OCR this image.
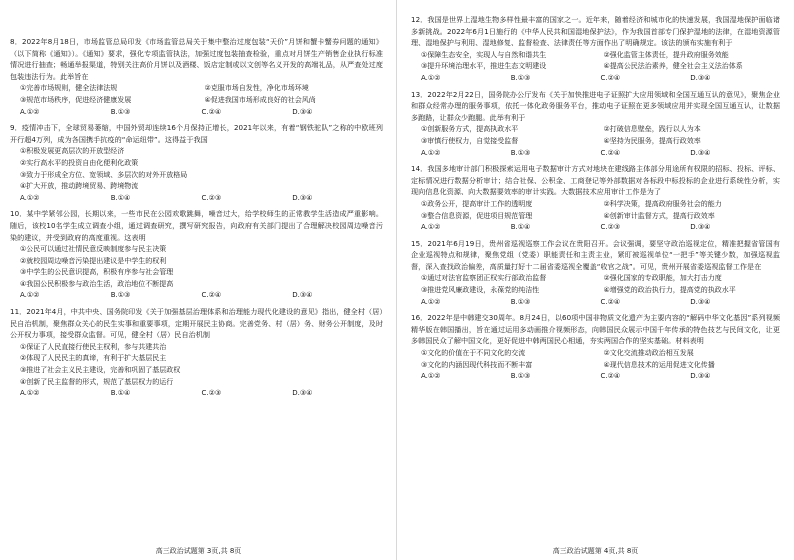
8．2022年8月18日，市场监管总局印发《市场监管总局关于集中整治过度包装“天价”月饼和蟹卡蟹券问题的通知》（以下简称《通知》）。《通知》要求，强化专项监管执法，加强过度包装抽查检验，重点对月饼生产销售企业执行标准情况进行抽查；畅通举报渠道，特别关注高价月饼以及酒楼、饭店定制或以文创等名义开发的高端礼品，从严查处过度包装违法行为。此举旨在

①完善市场规则，健全法律法规	②克服市场自发性，净化市场环境
③规范市场秩序，促进经济健康发展	④促进我国市场形成良好的社会风尚
A.①②	B.①③	C.②④	D.③④

9．疫情冲击下，全球贸易萎缩，中国外贸却连续16个月保持正增长，2021年以来，有着“钢铁驼队”之称的中欧班列开行超4万列，成为各国携手抗疫的“命运纽带”。这得益于我国

①积极发展更高层次的开放型经济
②实行高水平的投资自由化便利化政策
③致力于形成全方位、宽领域、多层次的对外开放格局
④扩大开放，推动跨境贸易、跨境物流
A.①②	B.①④	C.②③	D.③④

10．某中学紧邻公园，长期以来，一些市民在公园欢歌跳舞，噪音过大，给学校师生的正常教学生活造成严重影响。随后，该校10名学生成立调查小组，通过调查研究，撰写研究报告，向政府有关部门提出了合理解决校园周边噪音污染的建议，并受到政府的高度重视。这表明

①公民可以通过社情民意反映制度参与民主决策
②就校园周边噪音污染提出建议是中学生的权利
③中学生的公民意识提高，积极有序参与社会管理
④我国公民积极参与政治生活，政治地位不断提高
A.①②	B.①③	C.②④	D.③④

11．2021年4月，中共中央、国务院印发《关于加强基层治理体系和治理能力现代化建设的意见》指出，健全村（居）民自治机制，聚焦群众关心的民生实事和重要事项，定期开展民主协商。完善党务、村（居）务、财务公开制度，及时公开权力事项，接受群众监督。可见，健全村（居）民自治机制

①保证了人民直接行使民主权利，参与共建共治
②体现了人民民主的真谛，有利于扩大基层民主
③推进了社会主义民主建设，完善和巩固了基层政权
④创新了民主监督的形式，规范了基层权力的运行
A.①②	B.①④	C.②③	D.③④
高三政治试题第 3页,共 8页

12．我国是世界上湿地生物多样性最丰富的国家之一。近年来，随着经济和城市化的快速发展，我国湿地保护面临诸多新挑战。2022年6月1日施行的《中华人民共和国湿地保护法》，作为我国首部专门保护湿地的法律，在湿地资源管理、湿地保护与利用、湿地修复、监督检查、法律责任等方面作出了明确规定。该法的颁布实施有利于

①保障生态安全，实现人与自然和谐共生	②强化监管主体责任，提升政府服务效能
③提升环境治理水平，推进生态文明建设	④提高公民法治素养，健全社会主义法治体系
A.①②	B.①③	C.②④	D.③④

13．2022年2月22日，国务院办公厅发布《关于加快推进电子证照扩大应用领域和全国互通互认的意见》，聚焦企业和群众经常办理的服务事项，依托一体化政务服务平台，推动电子证照在更多领域应用并实现全国互通互认，让数据多跑路，让群众少跑腿。此举有利于

①创新服务方式，提高执政水平	②打破信息壁垒，践行以人为本
③审慎行使权力，自觉接受监督	④坚持为民服务，提高行政效率
A.①②	B.①③	C.②④	D.③④

14．我国多地审计部门积极探索运用电子数据审计方式对地块在建线路主体部分用途所有权限的招标、投标、评标、定标情况进行数据分析审计；结合社保、公积金、工商登记等外部数据对各标段中标投标的企业进行系统性分析，实现向信息化资源、向大数据要效率的审计实践。大数据技术应用审计工作是为了

①政务公开，提高审计工作的透明度	②科学决策，提高政府服务社会的能力
③整合信息资源，促进项目规范管理	④创新审计监督方式，提高行政效率
A.①②	B.①④	C.②③	D.③④

15．2021年6月19日，贵州省巡视巡察工作会议在贵阳召开。会议强调，要坚守政治巡视定位，精准把握省管国有企业巡视特点和规律，聚焦党组（党委）职能责任和主责主业，紧盯被巡视单位“一把手”等关键少数，加强巡视监督，深入查找政治偏差，高质量打好十二届省委巡视全覆盖“收官之战”。可见，贵州开展省委巡视监督工作是在

①通过对法官监察团正权实行部政治监督	②强化国家的专政职能，加大打击力度
③推进党风廉政建设，永葆党的纯洁性	④增强党的政治执行力，提高党的执政水平
A.①②	B.①③	C.②④	D.③④

16．2022年是中韩建交30周年。8月24日，以60项中国非物质文化遗产为主要内容的“解码中华文化基因”系列视频精华版在韩国播出，旨在通过运用多动画推介视频形态，向韩国民众展示中国千年传承的特色技艺与民间文化，让更多韩国民众了解中国文化，更好促进中韩两国民心相通，夯实两国合作的坚实基础。材料表明

①文化的价值在于不同文化的交流	②文化交流推动政治相互发展
③文化的内涵因现代科技而不断丰富	④现代信息技术的运用促进文化传播
A.①②	B.①③	C.②④	D.③④
高三政治试题第 4页,共 8页
